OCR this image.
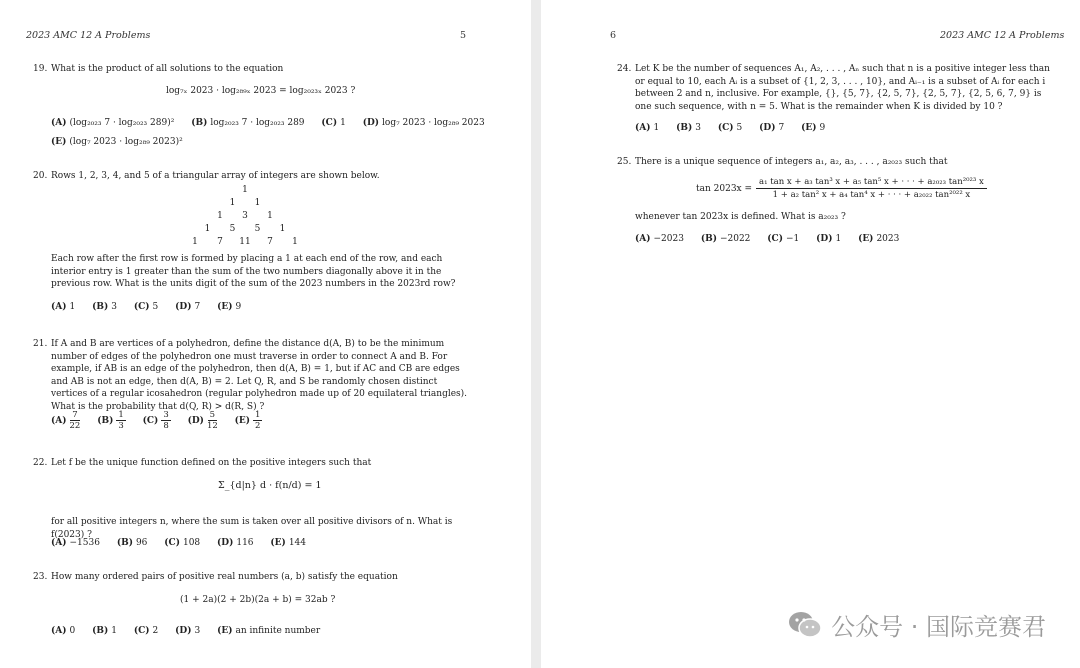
2023 AMC 12 A Problems	5
19. What is the product of all solutions to the equation

log₇ₓ 2023 · log₂₈₉ₓ 2023 = log₂₀₂₃ₓ 2023 ?
(A) (log₂₀₂₃ 7 · log₂₀₂₃ 289)² (B) log₂₀₂₃ 7 · log₂₀₂₃ 289 (C) 1 (D) log₇ 2023 · log₂₈₉ 2023
(E) (log₇ 2023 · log₂₈₉ 2023)²
20. Rows 1, 2, 3, 4, and 5 of a triangular array of integers are shown below.

1
1	1
1	3	1
1	5	5	1
1	7	11	7	1

Each row after the first row is formed by placing a 1 at each end of the row, and each interior entry is 1 greater than the sum of the two numbers diagonally above it in the previous row. What is the units digit of the sum of the 2023 numbers in the 2023rd row?

(A) 1 (B) 3 (C) 5 (D) 7 (E) 9
21. If A and B are vertices of a polyhedron, define the distance d(A, B) to be the minimum number of edges of the polyhedron one must traverse in order to connect A and B. For example, if AB is an edge of the polyhedron, then d(A, B) = 1, but if AC and CB are edges and AB is not an edge, then d(A, B) = 2. Let Q, R, and S be randomly chosen distinct vertices of a regular icosahedron (regular polyhedron made up of 20 equilateral triangles). What is the probability that d(Q, R) > d(R, S) ?

$(A) \frac{7}{22} (B) \frac{1}{3} (C) \frac{3}{8} (D) \frac{5}{12} (E) \frac{1}{2}$
22. Let f be the unique function defined on the positive integers such that

Σ_{d|n} d · f(n/d) = 1

for all positive integers n, where the sum is taken over all positive divisors of n. What is f(2023) ?

(A) −1536 (B) 96 (C) 108 (D) 116 (E) 144
23. How many ordered pairs of positive real numbers (a, b) satisfy the equation

(1 + 2a)(2 + 2b)(2a + b) = 32ab ?
(A) 0 (B) 1 (C) 2 (D) 3 (E) an infinite number
6	2023 AMC 12 A Problems
24. Let K be the number of sequences A₁, A₂, . . . , Aₙ such that n is a positive integer less than or equal to 10, each Aᵢ is a subset of {1, 2, 3, . . . , 10}, and Aᵢ₋₁ is a subset of Aᵢ for each i between 2 and n, inclusive. For example, {}, {5, 7}, {2, 5, 7}, {2, 5, 7}, {2, 5, 6, 7, 9} is one such sequence, with n = 5. What is the remainder when K is divided by 10 ?

(A) 1 (B) 3 (C) 5 (D) 7 (E) 9
25. There is a unique sequence of integers a₁, a₂, a₃, . . . , a₂₀₂₃ such that

$\tan 2023x = \frac{\text{a₁ tan x + a₃ tan³ x + a₅ tan⁵ x + · · · + a₂₀₂₃ tan²⁰²³ x}}{\text{1 + a₂ tan² x + a₄ tan⁴ x + · · · + a₂₀₂₂ tan²⁰²² x}}$

whenever tan 2023x is defined. What is a₂₀₂₃ ?

(A) −2023 (B) −2022 (C) −1 (D) 1 (E) 2023
公众号 · 国际竞赛君
